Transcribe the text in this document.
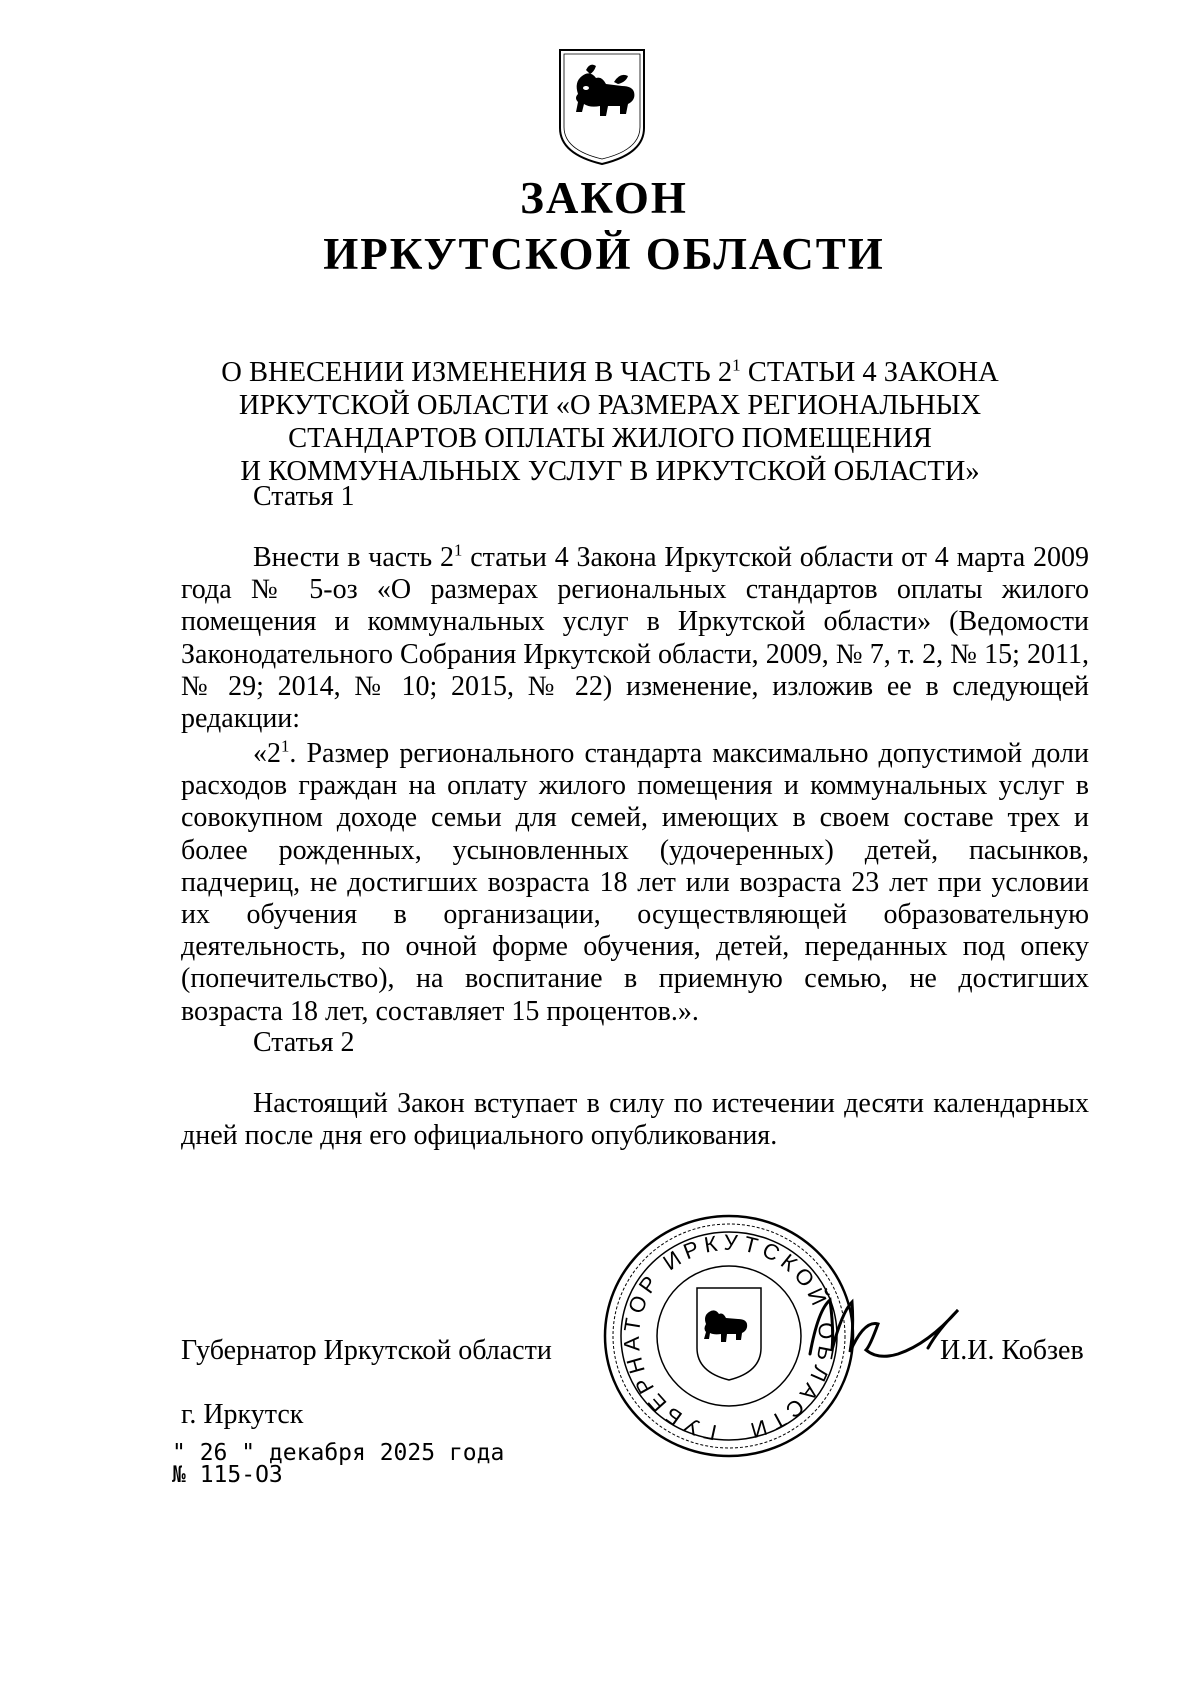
ЗАКОН
ИРКУТСКОЙ ОБЛАСТИ
О ВНЕСЕНИИ ИЗМЕНЕНИЯ В ЧАСТЬ $2^1$ СТАТЬИ 4 ЗАКОНА
ИРКУТСКОЙ ОБЛАСТИ «О РАЗМЕРАХ РЕГИОНАЛЬНЫХ
СТАНДАРТОВ ОПЛАТЫ ЖИЛОГО ПОМЕЩЕНИЯ
И КОММУНАЛЬНЫХ УСЛУГ В ИРКУТСКОЙ ОБЛАСТИ»
Статья 1
Внести в часть $2^1$ статьи 4 Закона Иркутской области от 4 марта 2009 года № 5-оз «О размерах региональных стандартов оплаты жилого помещения и коммунальных услуг в Иркутской области» (Ведомости Законодательного Собрания Иркутской области, 2009, № 7, т. 2, № 15; 2011, № 29; 2014, № 10; 2015, № 22) изменение, изложив ее в следующей редакции:
«$2^1$. Размер регионального стандарта максимально допустимой доли расходов граждан на оплату жилого помещения и коммунальных услуг в совокупном доходе семьи для семей, имеющих в своем составе трех и более рожденных, усыновленных (удочеренных) детей, пасынков, падчериц, не достигших возраста 18 лет или возраста 23 лет при условии их обучения в организации, осуществляющей образовательную деятельность, по очной форме обучения, детей, переданных под опеку (попечительство), на воспитание в приемную семью, не достигших возраста 18 лет, составляет 15 процентов.».
Статья 2
Настоящий Закон вступает в силу по истечении десяти календарных дней после дня его официального опубликования.
ГУБЕРНАТОР ИРКУТСКОЙ ОБЛАСТИ
Губернатор Иркутской области	И.И. Кобзев
г. Иркутск
" 26 " декабря 2025 года
№ 115-ОЗ
